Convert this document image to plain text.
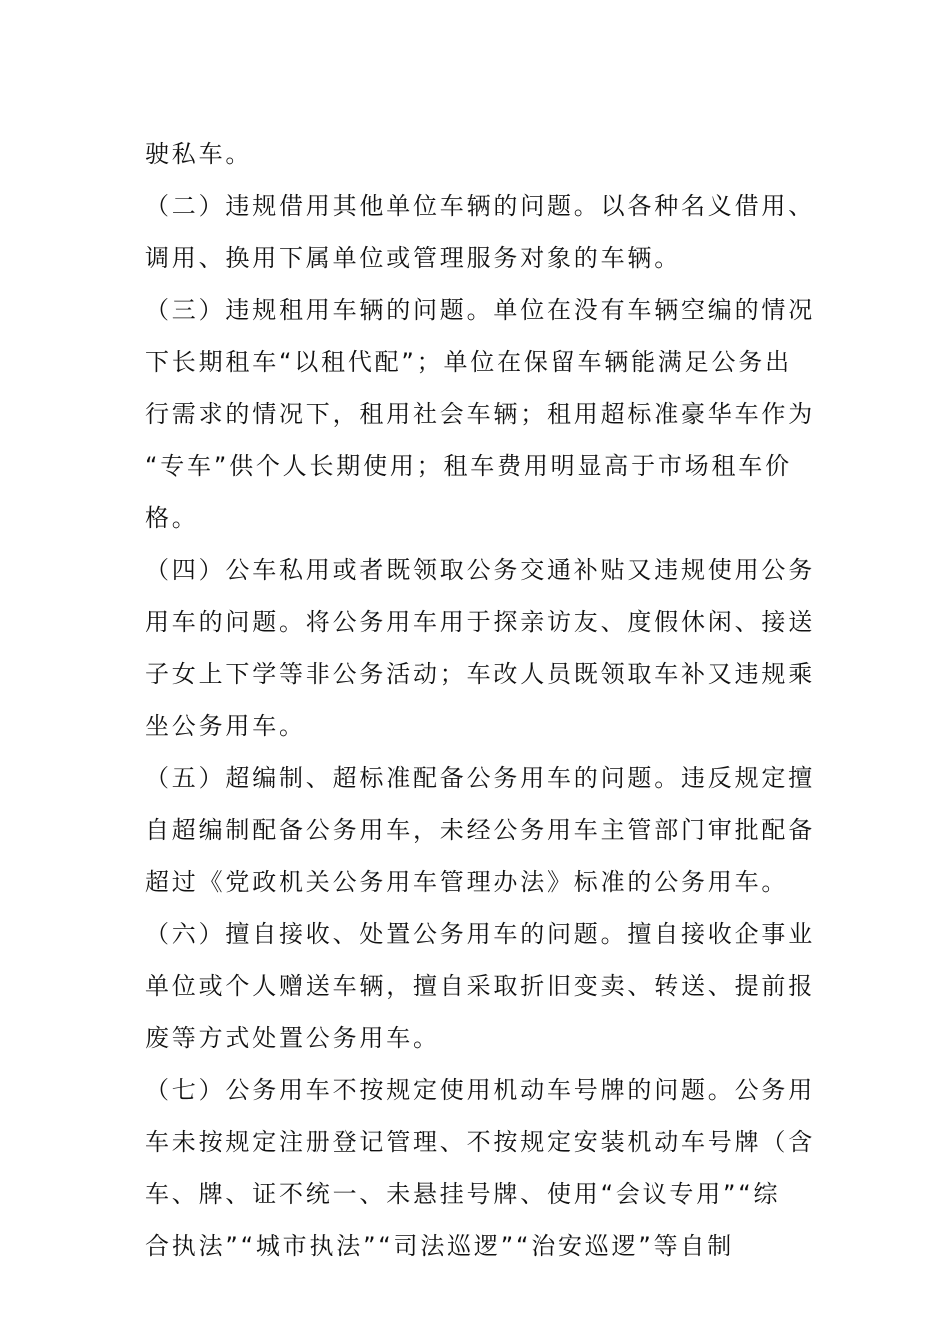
驶私车。
（二）违规借用其他单位车辆的问题。以各种名义借用、
调用、换用下属单位或管理服务对象的车辆。
（三）违规租用车辆的问题。单位在没有车辆空编的情况
下长期租车“以租代配”；单位在保留车辆能满足公务出
行需求的情况下，租用社会车辆；租用超标准豪华车作为
“专车”供个人长期使用；租车费用明显高于市场租车价
格。
（四）公车私用或者既领取公务交通补贴又违规使用公务
用车的问题。将公务用车用于探亲访友、度假休闲、接送
子女上下学等非公务活动；车改人员既领取车补又违规乘
坐公务用车。
（五）超编制、超标准配备公务用车的问题。违反规定擅
自超编制配备公务用车，未经公务用车主管部门审批配备
超过《党政机关公务用车管理办法》标准的公务用车。
（六）擅自接收、处置公务用车的问题。擅自接收企事业
单位或个人赠送车辆，擅自采取折旧变卖、转送、提前报
废等方式处置公务用车。
（七）公务用车不按规定使用机动车号牌的问题。公务用
车未按规定注册登记管理、不按规定安装机动车号牌（含
车、牌、证不统一、未悬挂号牌、使用“会议专用”“综
合执法”“城市执法”“司法巡逻”“治安巡逻”等自制
